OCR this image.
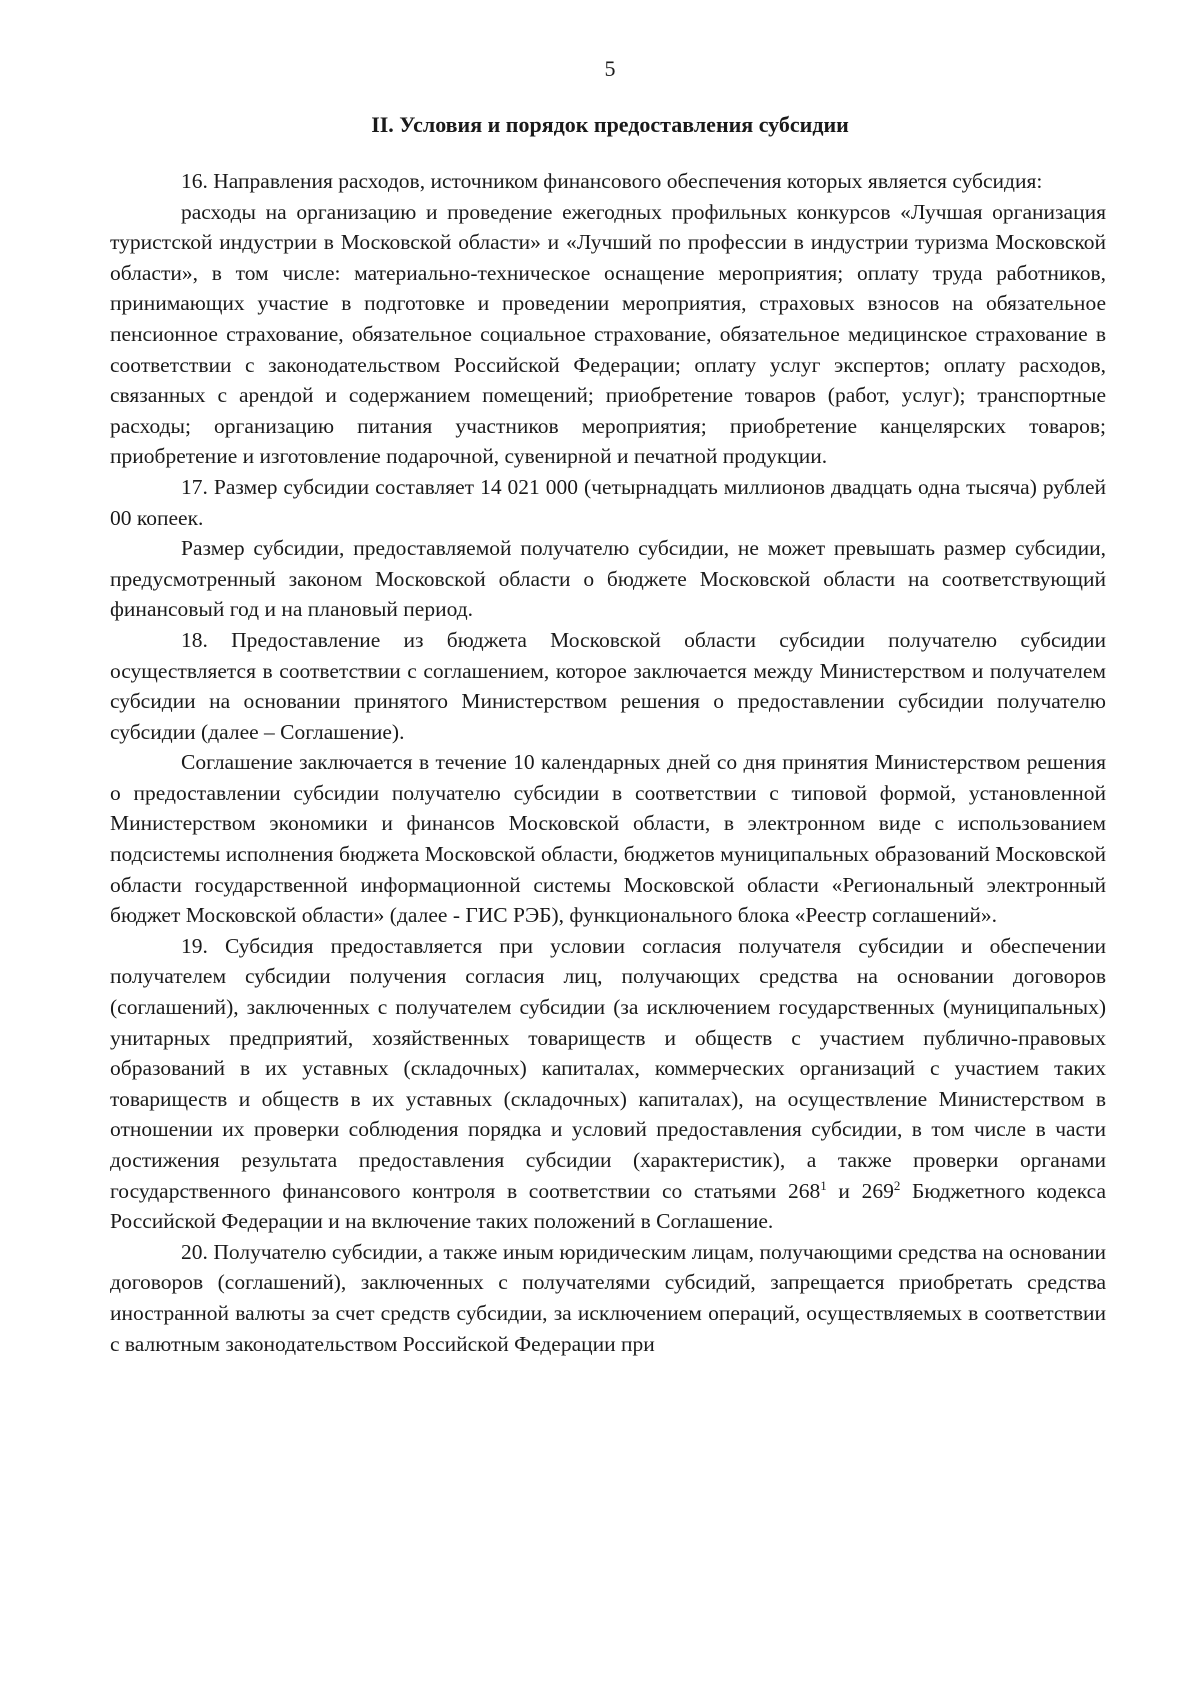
5
II. Условия и порядок предоставления субсидии

16. Направления расходов, источником финансового обеспечения которых является субсидия:

расходы на организацию и проведение ежегодных профильных конкурсов «Лучшая организация туристской индустрии в Московской области» и «Лучший по профессии в индустрии туризма Московской области», в том числе: материально-техническое оснащение мероприятия; оплату труда работников, принимающих участие в подготовке и проведении мероприятия, страховых взносов на обязательное пенсионное страхование, обязательное социальное страхование, обязательное медицинское страхование в соответствии с законодательством Российской Федерации; оплату услуг экспертов; оплату расходов, связанных с арендой и содержанием помещений; приобретение товаров (работ, услуг); транспортные расходы; организацию питания участников мероприятия; приобретение канцелярских товаров; приобретение и изготовление подарочной, сувенирной и печатной продукции.

17. Размер субсидии составляет 14 021 000 (четырнадцать миллионов двадцать одна тысяча) рублей 00 копеек.

Размер субсидии, предоставляемой получателю субсидии, не может превышать размер субсидии, предусмотренный законом Московской области о бюджете Московской области на соответствующий финансовый год и на плановый период.

18. Предоставление из бюджета Московской области субсидии получателю субсидии осуществляется в соответствии с соглашением, которое заключается между Министерством и получателем субсидии на основании принятого Министерством решения о предоставлении субсидии получателю субсидии (далее – Соглашение).

Соглашение заключается в течение 10 календарных дней со дня принятия Министерством решения о предоставлении субсидии получателю субсидии в соответствии с типовой формой, установленной Министерством экономики и финансов Московской области, в электронном виде с использованием подсистемы исполнения бюджета Московской области, бюджетов муниципальных образований Московской области государственной информационной системы Московской области «Региональный электронный бюджет Московской области» (далее - ГИС РЭБ), функционального блока «Реестр соглашений».

19. Субсидия предоставляется при условии согласия получателя субсидии и обеспечении получателем субсидии получения согласия лиц, получающих средства на основании договоров (соглашений), заключенных с получателем субсидии (за исключением государственных (муниципальных) унитарных предприятий, хозяйственных товариществ и обществ с участием публично-правовых образований в их уставных (складочных) капиталах, коммерческих организаций с участием таких товариществ и обществ в их уставных (складочных) капиталах), на осуществление Министерством в отношении их проверки соблюдения порядка и условий предоставления субсидии, в том числе в части достижения результата предоставления субсидии (характеристик), а также проверки органами государственного финансового контроля в соответствии со статьями $268^1$ и $269^2$ Бюджетного кодекса Российской Федерации и на включение таких положений в Соглашение.

20. Получателю субсидии, а также иным юридическим лицам, получающими средства на основании договоров (соглашений), заключенных с получателями субсидий, запрещается приобретать средства иностранной валюты за счет средств субсидии, за исключением операций, осуществляемых в соответствии с валютным законодательством Российской Федерации при
